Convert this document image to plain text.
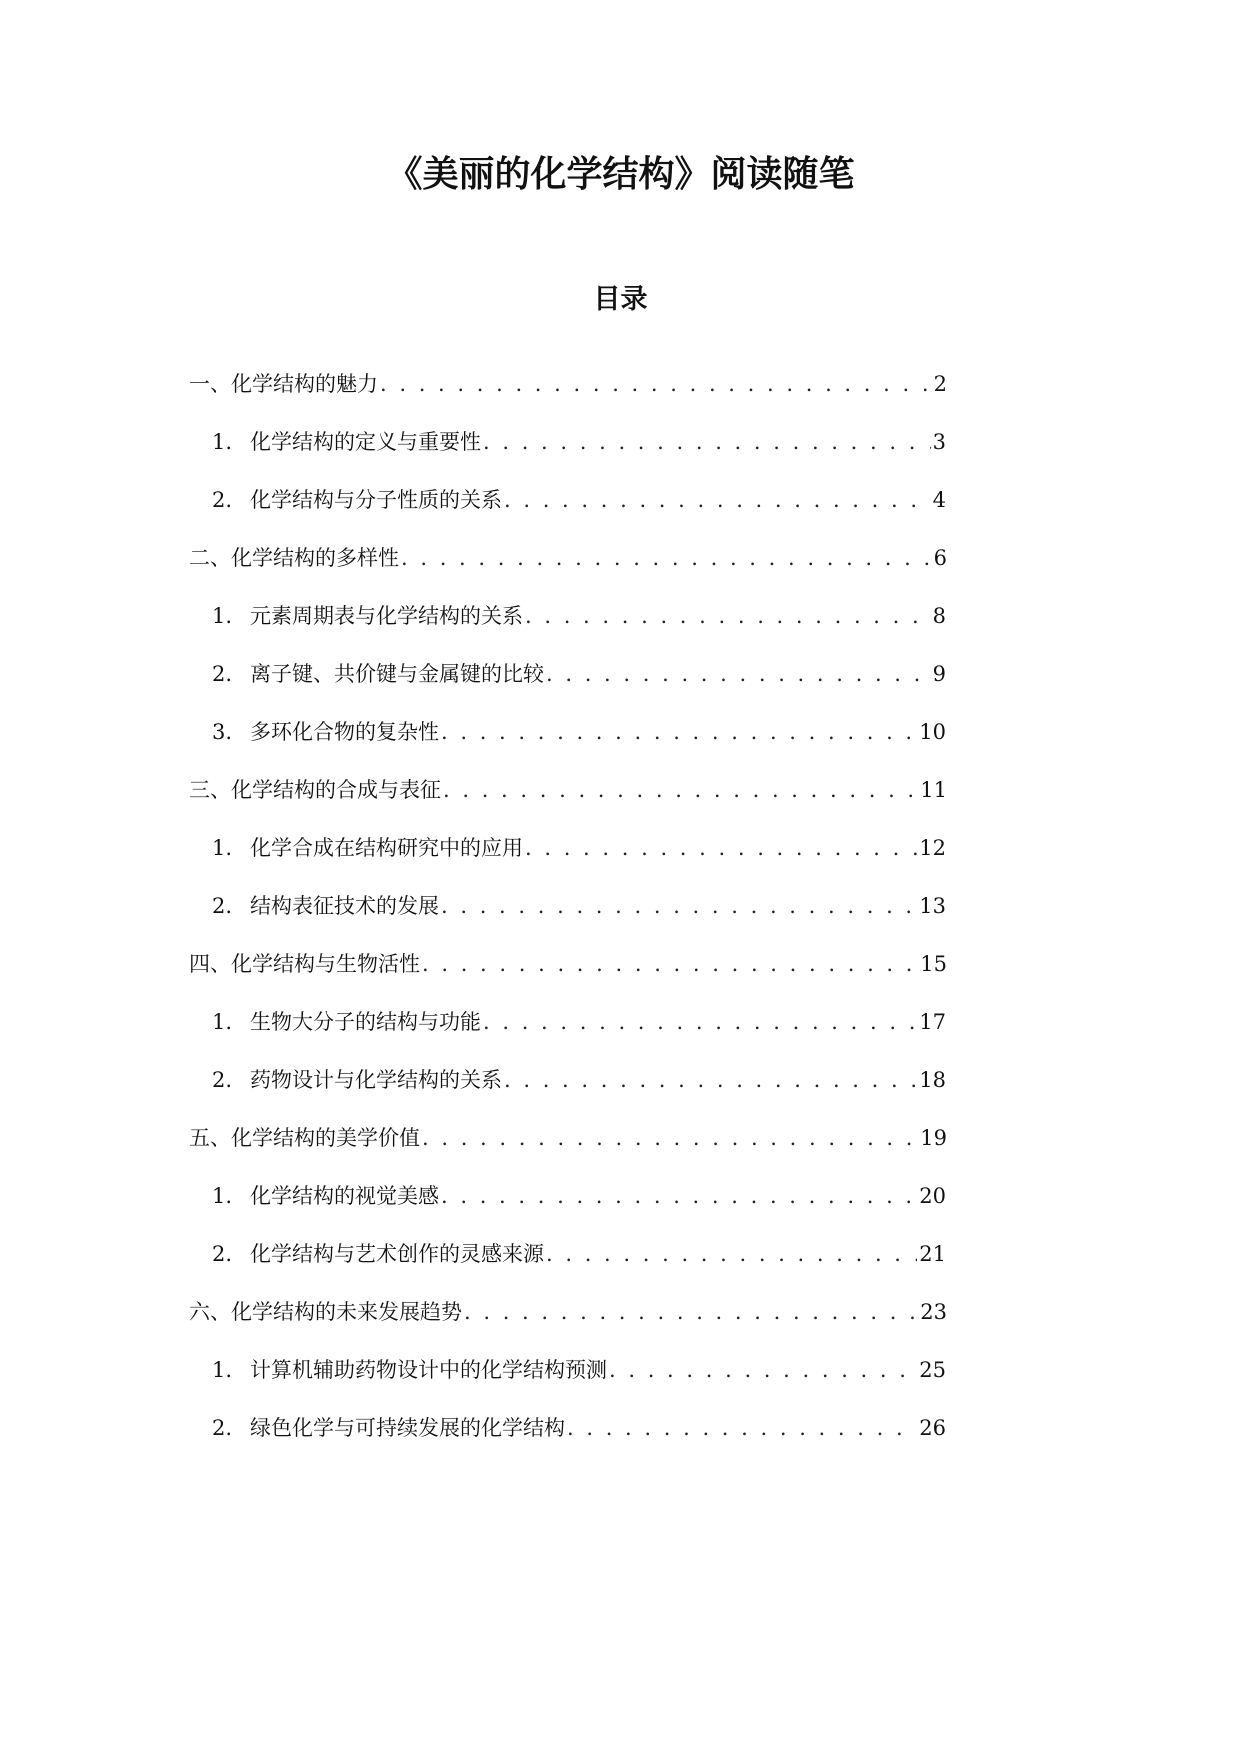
《美丽的化学结构》阅读随笔
目录
一、化学结构的魅力 . . .	2
1. 化学结构的定义与重要性 . . .	3
2. 化学结构与分子性质的关系 . . .	4
二、化学结构的多样性 . . .	6
1. 元素周期表与化学结构的关系 . . .	8
2. 离子键、共价键与金属键的比较 . . .	9
3. 多环化合物的复杂性 . . .	10
三、化学结构的合成与表征 . . .	11
1. 化学合成在结构研究中的应用 . . .	12
2. 结构表征技术的发展 . . .	13
四、化学结构与生物活性 . . .	15
1. 生物大分子的结构与功能 . . .	17
2. 药物设计与化学结构的关系 . . .	18
五、化学结构的美学价值 . . .	19
1. 化学结构的视觉美感 . . .	20
2. 化学结构与艺术创作的灵感来源 . . .	21
六、化学结构的未来发展趋势 . . .	23
1. 计算机辅助药物设计中的化学结构预测 . . .	25
2. 绿色化学与可持续发展的化学结构 . . .	26
